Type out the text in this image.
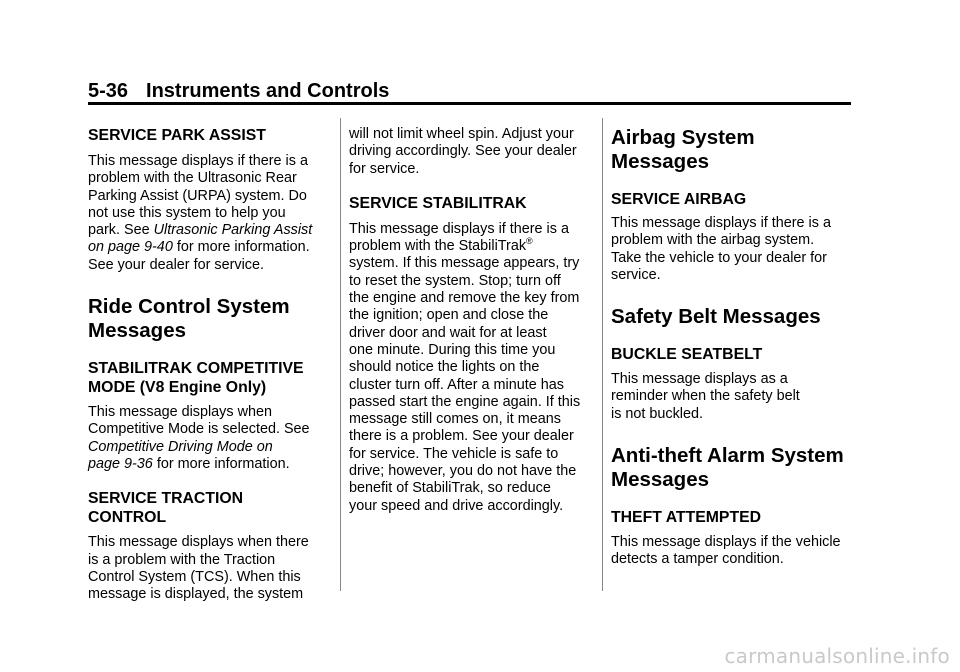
5-36 Instruments and Controls
SERVICE PARK ASSIST

This message displays if there is a

problem with the Ultrasonic Rear

Parking Assist (URPA) system. Do

not use this system to help you

park. See Ultrasonic Parking Assist

on page 9-40 for more information.

See your dealer for service.

Ride Control System
Messages
STABILITRAK COMPETITIVE
MODE (V8 Engine Only)

This message displays when

Competitive Mode is selected. See

Competitive Driving Mode on

page 9-36 for more information.

SERVICE TRACTION
CONTROL

This message displays when there

is a problem with the Traction

Control System (TCS). When this

message is displayed, the system

will not limit wheel spin. Adjust your

driving accordingly. See your dealer

for service.

SERVICE STABILITRAK

This message displays if there is a

problem with the StabiliTrak®

system. If this message appears, try

to reset the system. Stop; turn off

the engine and remove the key from

the ignition; open and close the

driver door and wait for at least

one minute. During this time you

should notice the lights on the

cluster turn off. After a minute has

passed start the engine again. If this

message still comes on, it means

there is a problem. See your dealer

for service. The vehicle is safe to

drive; however, you do not have the

benefit of StabiliTrak, so reduce

your speed and drive accordingly.

Airbag System Messages
SERVICE AIRBAG

This message displays if there is a

problem with the airbag system.

Take the vehicle to your dealer for

service.

Safety Belt Messages
BUCKLE SEATBELT

This message displays as a

reminder when the safety belt

is not buckled.

Anti-theft Alarm System
Messages
THEFT ATTEMPTED

This message displays if the vehicle

detects a tamper condition.

carmanualsonline.info
